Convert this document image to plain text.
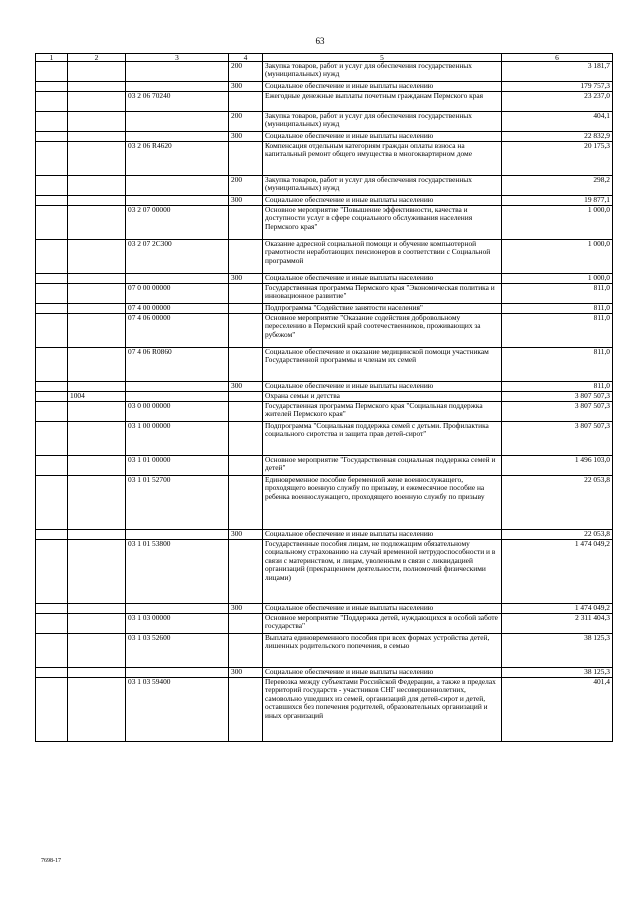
63
1	2	3	4	5	6
			200	Закупка товаров, работ и услуг для обеспечения государственных (муниципальных) нужд	3 181,7
			300	Социальное обеспечение и иные выплаты населению	179 757,3
		03 2 06 70240		Ежегодные денежные выплаты почетным гражданам Пермского края	23 237,0
			200	Закупка товаров, работ и услуг для обеспечения государственных (муниципальных) нужд	404,1
			300	Социальное обеспечение и иные выплаты населению	22 832,9
		03 2 06 R4620		Компенсация отдельным категориям граждан оплаты взноса на капитальный ремонт общего имущества в многоквартирном доме	20 175,3
			200	Закупка товаров, работ и услуг для обеспечения государственных (муниципальных) нужд	298,2
			300	Социальное обеспечение и иные выплаты населению	19 877,1
		03 2 07 00000		Основное мероприятие "Повышение эффективности, качества и доступности услуг в сфере социального обслуживания населения Пермского края"	1 000,0
		03 2 07 2С300		Оказание адресной социальной помощи и обучение компьютерной грамотности неработающих пенсионеров в соответствии с Социальной программой	1 000,0
			300	Социальное обеспечение и иные выплаты населению	1 000,0
		07 0 00 00000		Государственная программа Пермского края "Экономическая политика и инновационное развитие"	811,0
		07 4 00 00000		Подпрограмма "Содействие занятости населения"	811,0
		07 4 06 00000		Основное мероприятие "Оказание содействия добровольному переселению в Пермский край соотечественников, проживающих за рубежом"	811,0
		07 4 06 R0860		Социальное обеспечение и оказание медицинской помощи участникам Государственной программы и членам их семей	811,0
			300	Социальное обеспечение и иные выплаты населению	811,0
	1004			Охрана семьи и детства	3 807 507,3
		03 0 00 00000		Государственная программа Пермского края "Социальная поддержка жителей Пермского края"	3 807 507,3
		03 1 00 00000		Подпрограмма "Социальная поддержка семей с детьми. Профилактика социального сиротства и защита прав детей-сирот"	3 807 507,3
		03 1 01 00000		Основное мероприятие "Государственная социальная поддержка семей и детей"	1 496 103,0
		03 1 01 52700		Единовременное пособие беременной жене военнослужащего, проходящего военную службу по призыву, и ежемесячное пособие на ребенка военнослужащего, проходящего военную службу по призыву	22 053,8
			300	Социальное обеспечение и иные выплаты населению	22 053,8
		03 1 01 53800		Государственные пособия лицам, не подлежащим обязательному социальному страхованию на случай временной нетрудоспособности и в связи с материнством, и лицам, уволенным в связи с ликвидацией организаций (прекращением деятельности, полномочий физическими лицами)	1 474 049,2
			300	Социальное обеспечение и иные выплаты населению	1 474 049,2
		03 1 03 00000		Основное мероприятие "Поддержка детей, нуждающихся в особой заботе государства"	2 311 404,3
		03 1 03 52600		Выплата единовременного пособия при всех формах устройства детей, лишенных родительского попечения, в семью	38 125,3
			300	Социальное обеспечение и иные выплаты населению	38 125,3
		03 1 03 59400		Перевозка между субъектами Российской Федерации, а также в пределах территорий государств - участников СНГ несовершеннолетних, самовольно ушедших из семей, организаций для детей-сирот и детей, оставшихся без попечения родителей, образовательных организаций и иных организаций	401,4
7698-17
